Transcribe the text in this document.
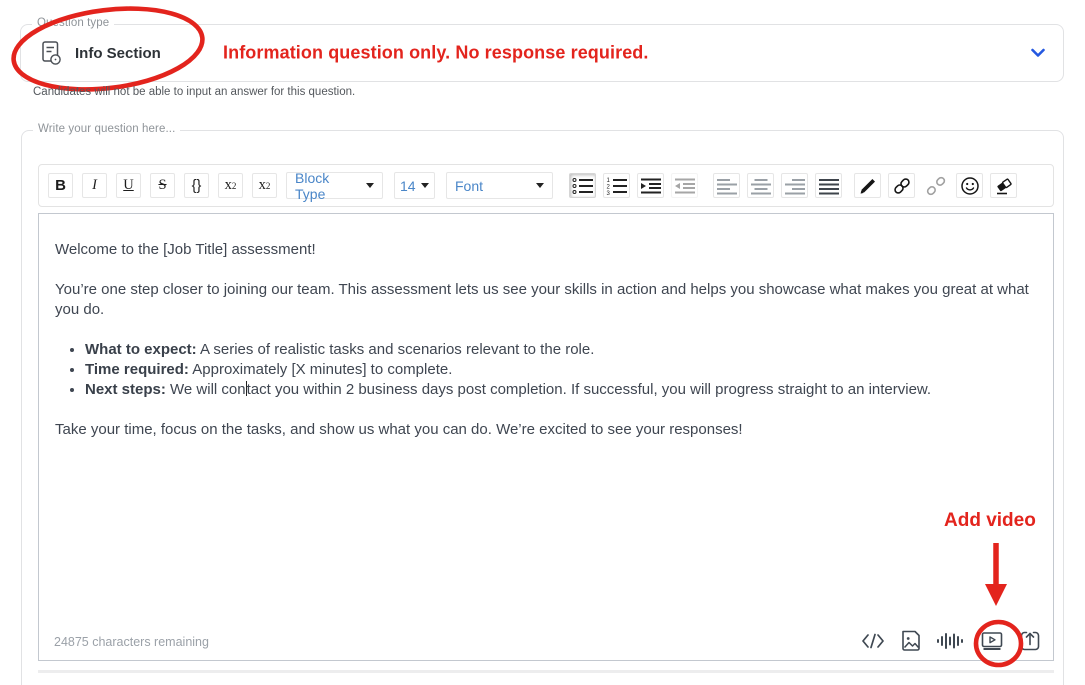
Question type
Info Section	Information question only. No response required.
Candidates will not be able to input an answer for this question.
Write your question here...
B	I	U	S	{}	x 2 x 2 Block Type	14	Font	1
2
3

Welcome to the [Job Title] assessment!

You’re one step closer to joining our team. This assessment lets us see your skills in action and helps you showcase what makes you great at what you do.

• What to expect: A series of realistic tasks and scenarios relevant to the role.
• Time required: Approximately [X minutes] to complete.
• Next steps: We will contact you within 2 business days post completion. If successful, you will progress straight to an interview.

Take your time, focus on the tasks, and show us what you can do. We’re excited to see your responses!

24875 characters remaining
Add video
